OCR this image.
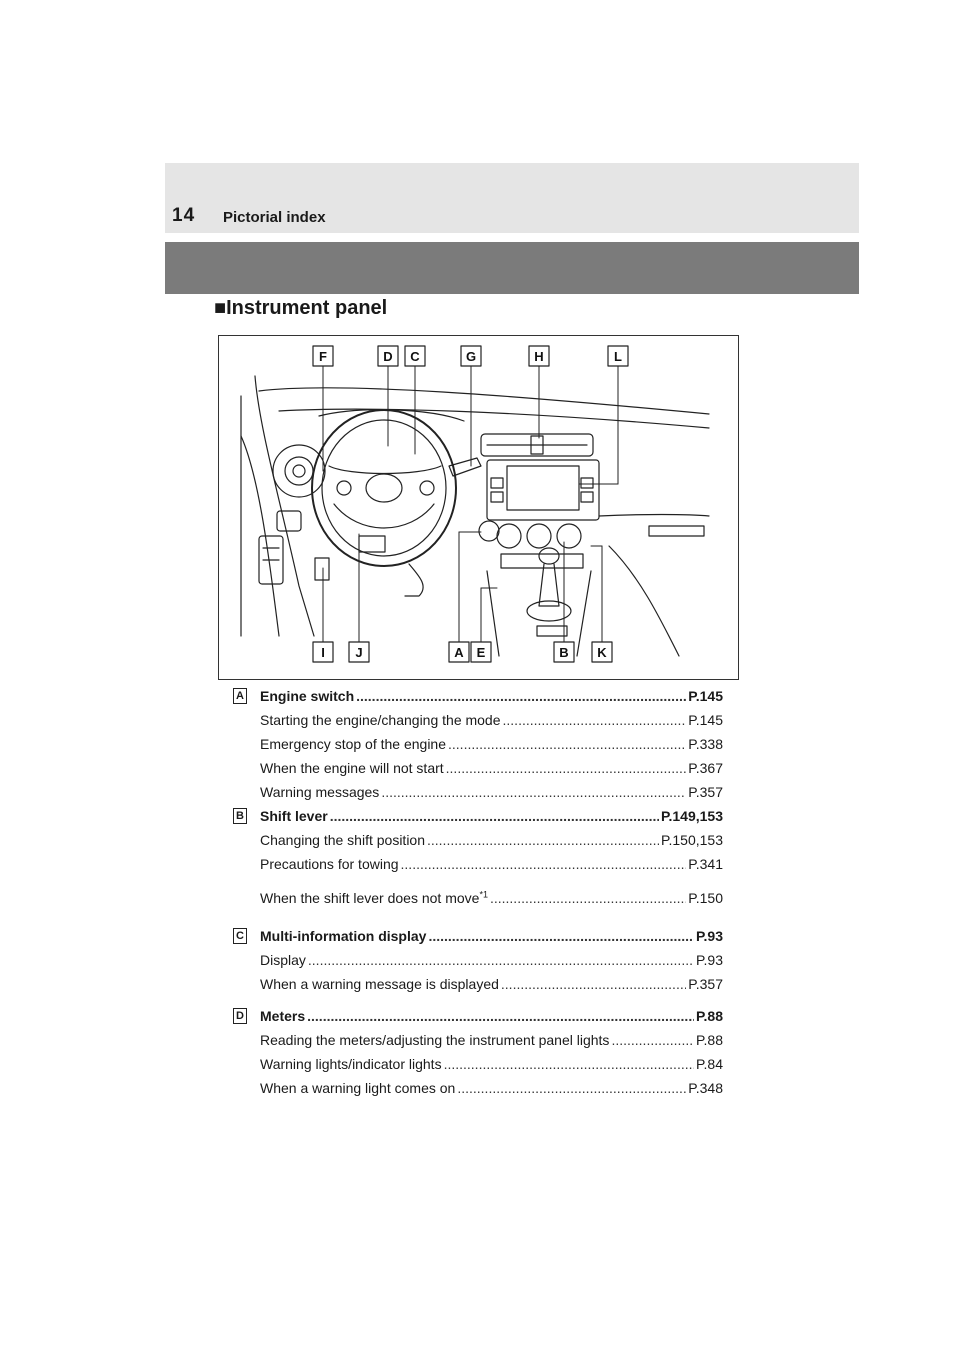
14 Pictorial index
■Instrument panel
F	D C	G	H	L
I J	A E	B K
A Engine switch .....	P.145
Starting the engine/changing the mode .....	P.145
Emergency stop of the engine .....	P.338
When the engine will not start .....	P.367
Warning messages .....	P.357
B Shift lever .....	P.149,153
Changing the shift position .....	P.150,153
Precautions for towing .....	P.341
When the shift lever does not move$^{*1}$ .....	P.150
C Multi-information display .....	P.93
Display .....	P.93
When a warning message is displayed .....	P.357
D Meters .....	P.88
Reading the meters/adjusting the instrument panel lights .....	P.88
Warning lights/indicator lights .....	P.84
When a warning light comes on .....	P.348
